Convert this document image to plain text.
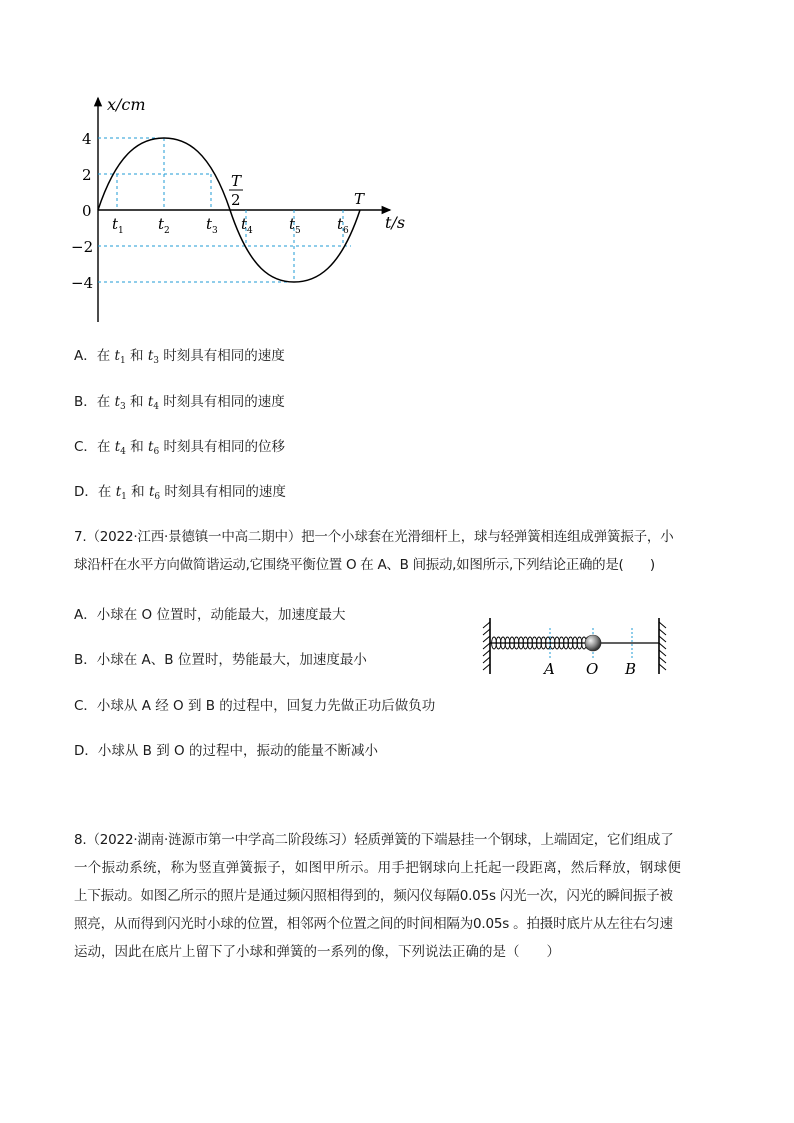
x/cm
t/s
4
2
0
−2
−4
$t_1$ $t_2$ $t_3$ $t_4$ $t_5$ $t_6$
T
2	T
A．在 $t_1$ 和 $t_3$ 时刻具有相同的速度
B．在 $t_3$ 和 $t_4$ 时刻具有相同的速度
C．在 $t_4$ 和 $t_6$ 时刻具有相同的位移
D．在 $t_1$ 和 $t_6$ 时刻具有相同的速度
7.（2022·江西·景德镇一中高二期中）把一个小球套在光滑细杆上，球与轻弹簧相连组成弹簧振子，小
球沿杆在水平方向做简谐运动,它围绕平衡位置 O 在 A、B 间振动,如图所示,下列结论正确的是(　　)
A．小球在 O 位置时，动能最大，加速度最大
B．小球在 A、B 位置时，势能最大，加速度最小
C．小球从 A 经 O 到 B 的过程中，回复力先做正功后做负功
D．小球从 B 到 O 的过程中，振动的能量不断减小
A O B
8.（2022·湖南·涟源市第一中学高二阶段练习）轻质弹簧的下端悬挂一个钢球，上端固定，它们组成了
一个振动系统，称为竖直弹簧振子，如图甲所示。用手把钢球向上托起一段距离，然后释放，钢球便
上下振动。如图乙所示的照片是通过频闪照相得到的，频闪仪每隔0.05s 闪光一次，闪光的瞬间振子被
照亮，从而得到闪光时小球的位置，相邻两个位置之间的时间相隔为0.05s 。拍摄时底片从左往右匀速
运动，因此在底片上留下了小球和弹簧的一系列的像，下列说法正确的是（　　）
